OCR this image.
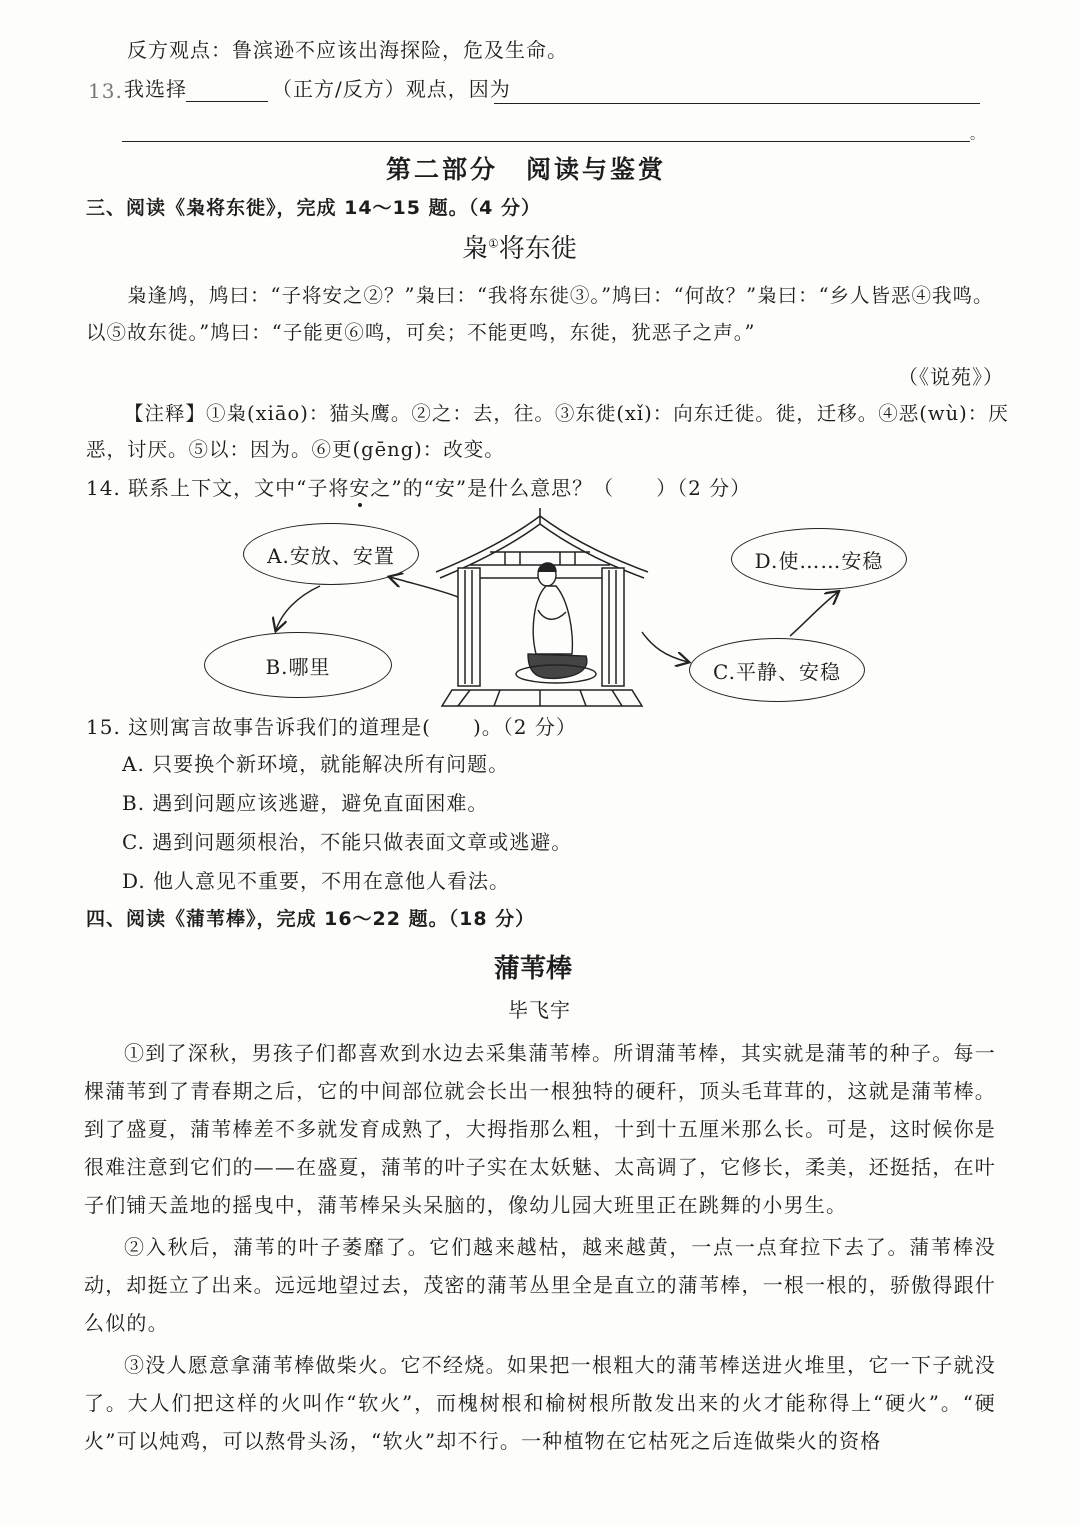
反方观点：鲁滨逊不应该出海探险，危及生命。
13. 我选择	（正方/反方）观点，因为
。
第二部分　阅读与鉴赏
三、阅读《枭将东徙》，完成 14～15 题。（4 分）
枭①将东徙
枭逢鸠，鸠曰：“子将安之②？”枭曰：“我将东徙③。”鸠曰：“何故？”枭曰：“乡人皆恶④我鸣。
以⑤故东徙。”鸠曰：“子能更⑥鸣，可矣；不能更鸣，东徙，犹恶子之声。”
（《说苑》）
【注释】①枭(xiāo)：猫头鹰。②之：去，往。③东徙(xǐ)：向东迁徙。徙，迁移。④恶(wù)：厌
恶，讨厌。⑤以：因为。⑥更(gēng)：改变。
14. 联系上下文，文中“子将安之”的“安”是什么意思？（　　）（2 分）
A.安放、安置
B.哪里	C.平静、安稳
D.使……安稳
15. 这则寓言故事告诉我们的道理是(　　)。（2 分）
A. 只要换个新环境，就能解决所有问题。
B. 遇到问题应该逃避，避免直面困难。
C. 遇到问题须根治，不能只做表面文章或逃避。
D. 他人意见不重要，不用在意他人看法。
四、阅读《蒲苇棒》，完成 16～22 题。（18 分）
蒲苇棒
毕飞宇
①到了深秋，男孩子们都喜欢到水边去采集蒲苇棒。所谓蒲苇棒，其实就是蒲苇的种子。每一棵蒲苇到了青春期之后，它的中间部位就会长出一根独特的硬秆，顶头毛茸茸的，这就是蒲苇棒。到了盛夏，蒲苇棒差不多就发育成熟了，大拇指那么粗，十到十五厘米那么长。可是，这时候你是很难注意到它们的——在盛夏，蒲苇的叶子实在太妖魅、太高调了，它修长，柔美，还挺括，在叶子们铺天盖地的摇曳中，蒲苇棒呆头呆脑的，像幼儿园大班里正在跳舞的小男生。
②入秋后，蒲苇的叶子萎靡了。它们越来越枯，越来越黄，一点一点耷拉下去了。蒲苇棒没动，却挺立了出来。远远地望过去，茂密的蒲苇丛里全是直立的蒲苇棒，一根一根的，骄傲得跟什么似的。
③没人愿意拿蒲苇棒做柴火。它不经烧。如果把一根粗大的蒲苇棒送进火堆里，它一下子就没了。大人们把这样的火叫作“软火”，而槐树根和榆树根所散发出来的火才能称得上“硬火”。“硬火”可以炖鸡，可以熬骨头汤，“软火”却不行。一种植物在它枯死之后连做柴火的资格
